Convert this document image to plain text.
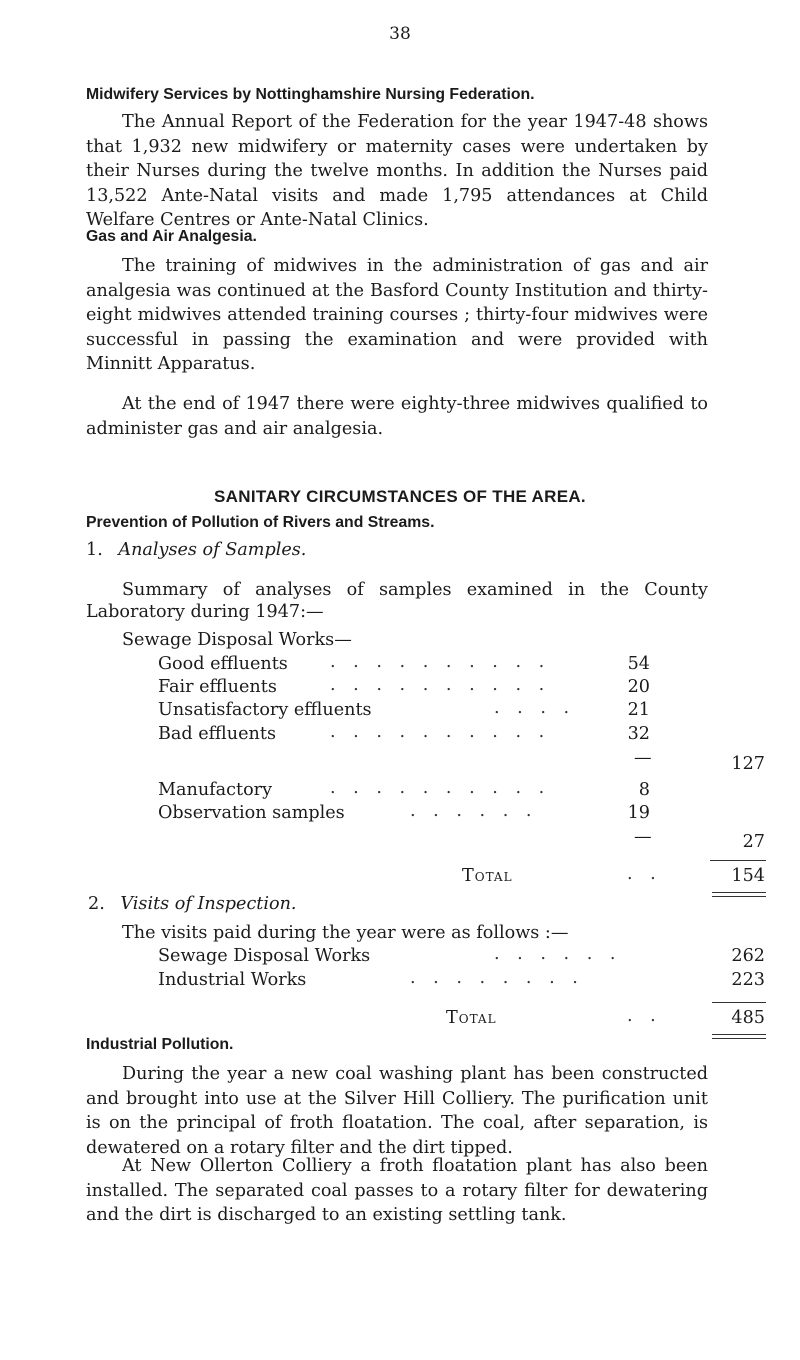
38
Midwifery Services by Nottinghamshire Nursing Federation.

The Annual Report of the Federation for the year 1947-48 shows that 1,932 new midwifery or maternity cases were undertaken by their Nurses during the twelve months. In addition the Nurses paid 13,522 Ante-Natal visits and made 1,795 attendances at Child Welfare Centres or Ante-Natal Clinics.

Gas and Air Analgesia.

The training of midwives in the administration of gas and air analgesia was continued at the Basford County Institution and thirty-eight midwives attended training courses ; thirty-four midwives were successful in passing the examination and were provided with Minnitt Apparatus.

At the end of 1947 there were eighty-three midwives qualified to administer gas and air analgesia.

SANITARY CIRCUMSTANCES OF THE AREA.
Prevention of Pollution of Rivers and Streams.
1. Analyses of Samples.

Summary of analyses of samples examined in the County

Laboratory during 1947:—
Sewage Disposal Works—
Good effluents . . . . . . . . . .	54
Fair effluents	. . . . . . . . . .	20
Unsatisfactory effluents	. . . .	21
Bad effluents	. . . . . . . . . .	32
—	127
Manufactory	. . . . . . . . . .	8
Observation samples	. . . . . .	19
—	27
Total	. .	154
2. Visits of Inspection.
The visits paid during the year were as follows :—
Sewage Disposal Works	. . . . . .	262
Industrial Works	. . . . . . . .	223
Total	. .	485
Industrial Pollution.

During the year a new coal washing plant has been constructed and brought into use at the Silver Hill Colliery. The purification unit is on the principal of froth floatation. The coal, after separation, is dewatered on a rotary filter and the dirt tipped.

At New Ollerton Colliery a froth floatation plant has also been installed. The separated coal passes to a rotary filter for dewatering and the dirt is discharged to an existing settling tank.
